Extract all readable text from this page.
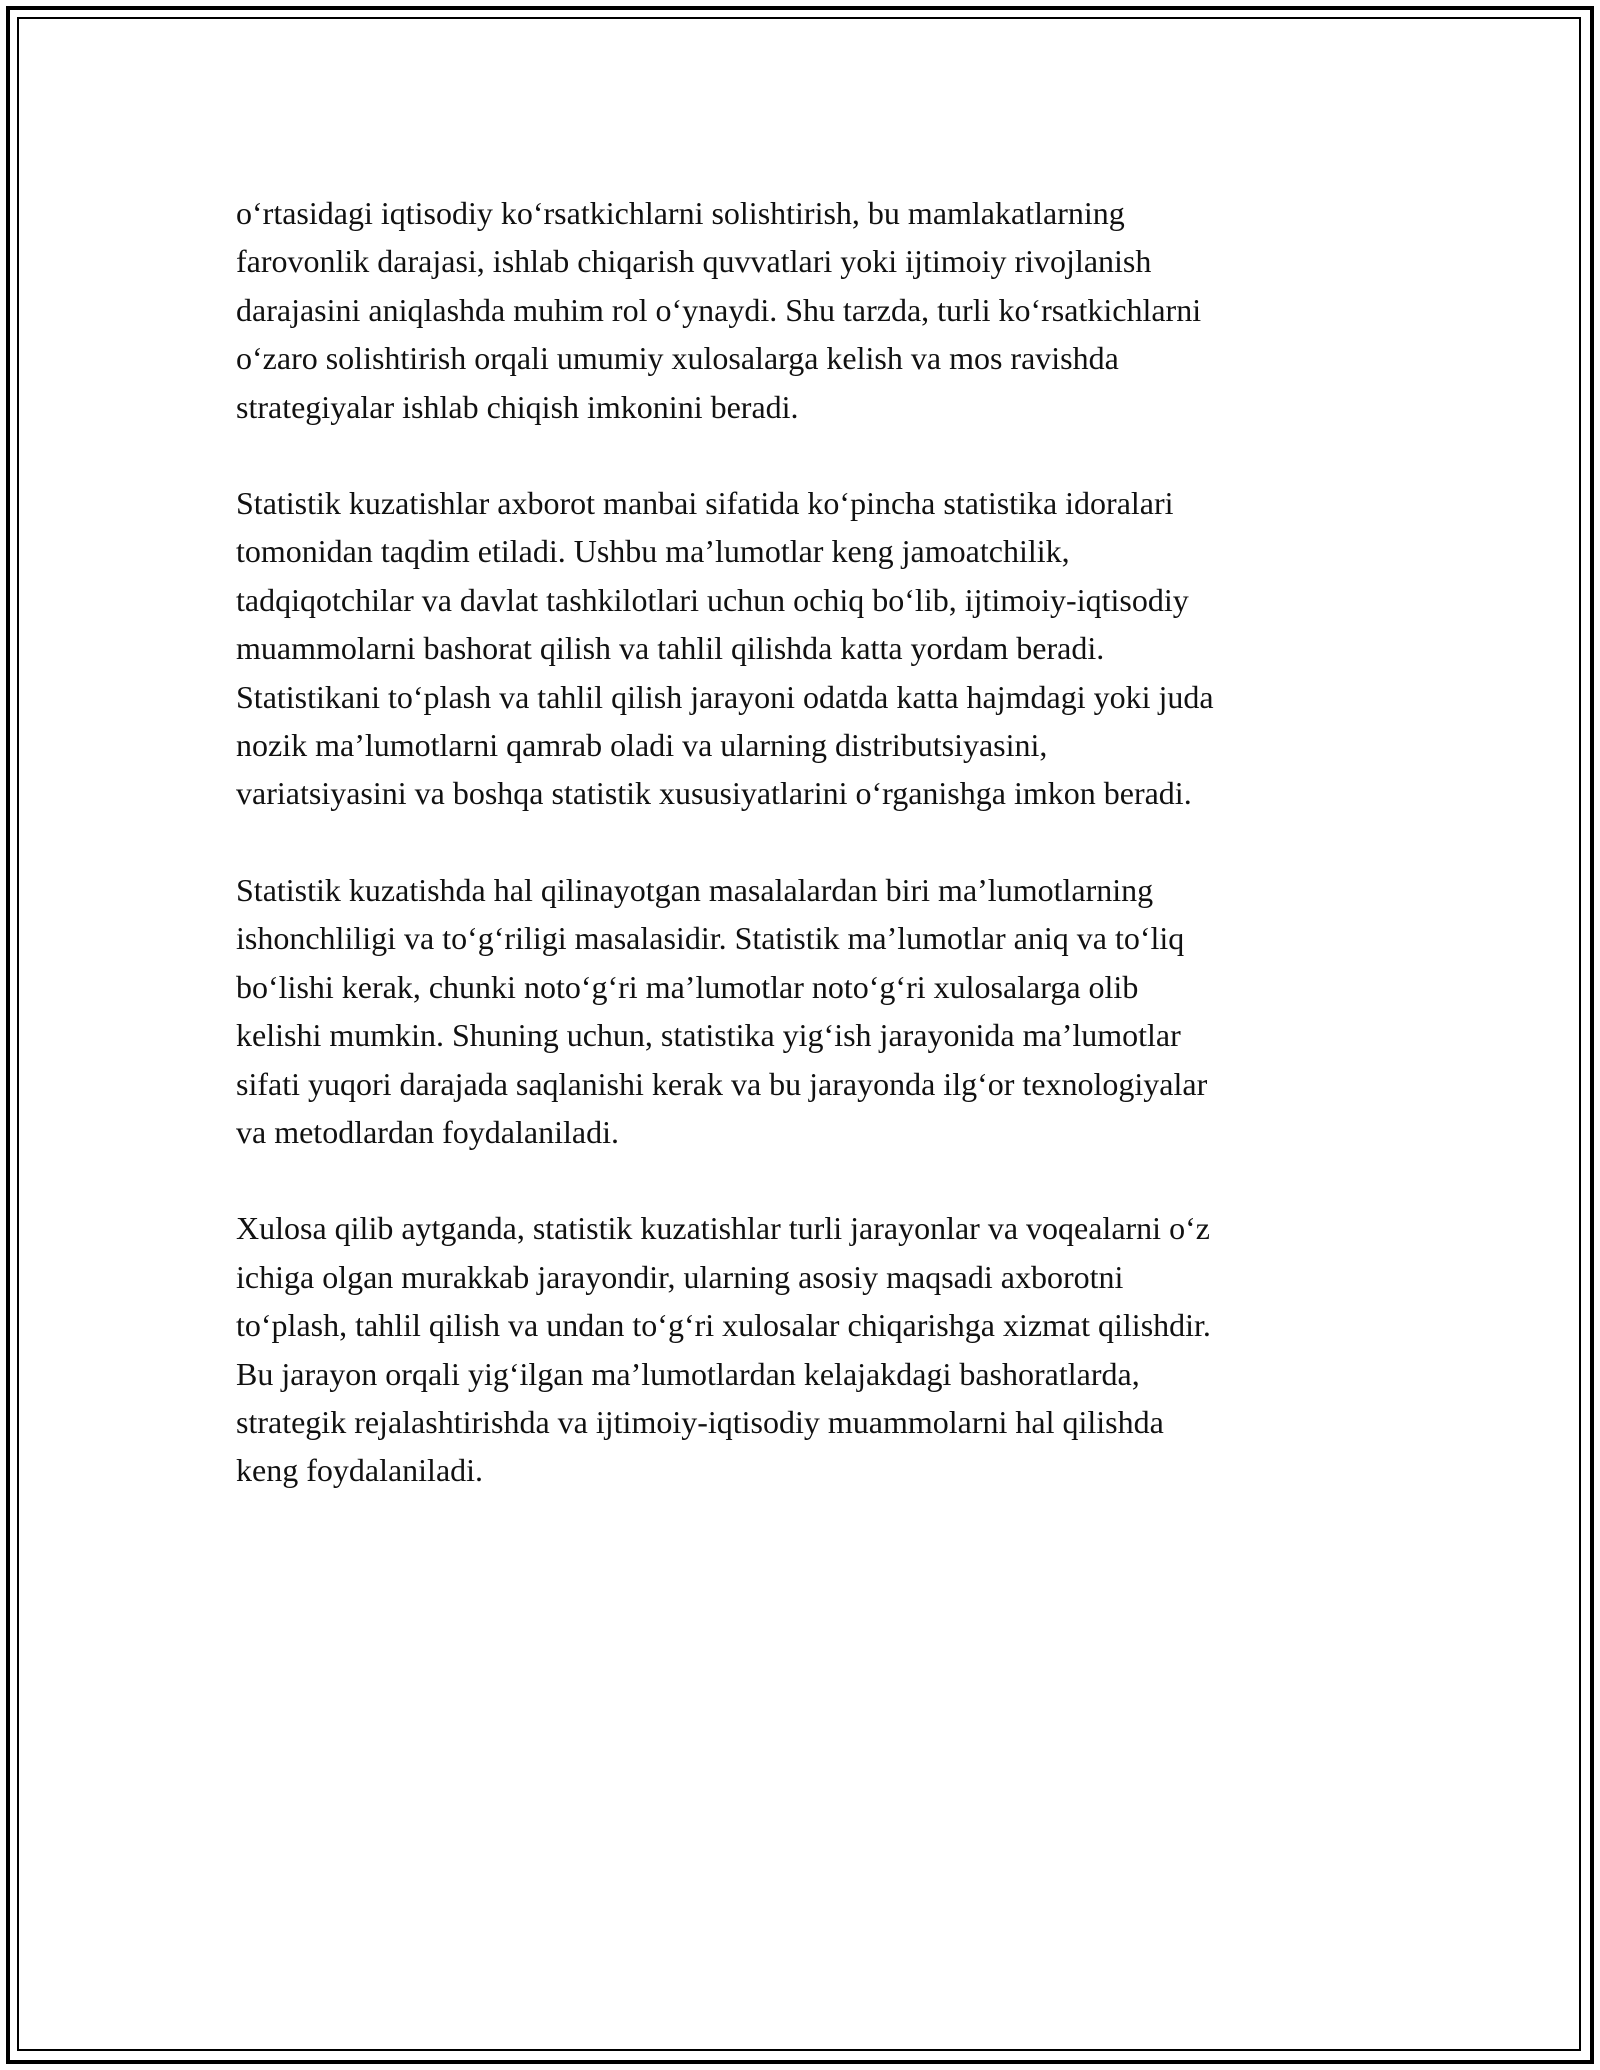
oʻrtasidagi iqtisodiy koʻrsatkichlarni solishtirish, bu mamlakatlarning
farovonlik darajasi, ishlab chiqarish quvvatlari yoki ijtimoiy rivojlanish
darajasini aniqlashda muhim rol oʻynaydi. Shu tarzda, turli koʻrsatkichlarni
oʻzaro solishtirish orqali umumiy xulosalarga kelish va mos ravishda
strategiyalar ishlab chiqish imkonini beradi.

Statistik kuzatishlar axborot manbai sifatida koʻpincha statistika idoralari
tomonidan taqdim etiladi. Ushbu maʼlumotlar keng jamoatchilik,
tadqiqotchilar va davlat tashkilotlari uchun ochiq boʻlib, ijtimoiy-iqtisodiy
muammolarni bashorat qilish va tahlil qilishda katta yordam beradi.
Statistikani toʻplash va tahlil qilish jarayoni odatda katta hajmdagi yoki juda
nozik maʼlumotlarni qamrab oladi va ularning distributsiyasini,
variatsiyasini va boshqa statistik xususiyatlarini oʻrganishga imkon beradi.

Statistik kuzatishda hal qilinayotgan masalalardan biri maʼlumotlarning
ishonchliligi va toʻgʻriligi masalasidir. Statistik maʼlumotlar aniq va toʻliq
boʻlishi kerak, chunki notoʻgʻri maʼlumotlar notoʻgʻri xulosalarga olib
kelishi mumkin. Shuning uchun, statistika yigʻish jarayonida maʼlumotlar
sifati yuqori darajada saqlanishi kerak va bu jarayonda ilgʻor texnologiyalar
va metodlardan foydalaniladi.

Xulosa qilib aytganda, statistik kuzatishlar turli jarayonlar va voqealarni oʻz
ichiga olgan murakkab jarayondir, ularning asosiy maqsadi axborotni
toʻplash, tahlil qilish va undan toʻgʻri xulosalar chiqarishga xizmat qilishdir.
Bu jarayon orqali yigʻilgan maʼlumotlardan kelajakdagi bashoratlarda,
strategik rejalashtirishda va ijtimoiy-iqtisodiy muammolarni hal qilishda
keng foydalaniladi.
